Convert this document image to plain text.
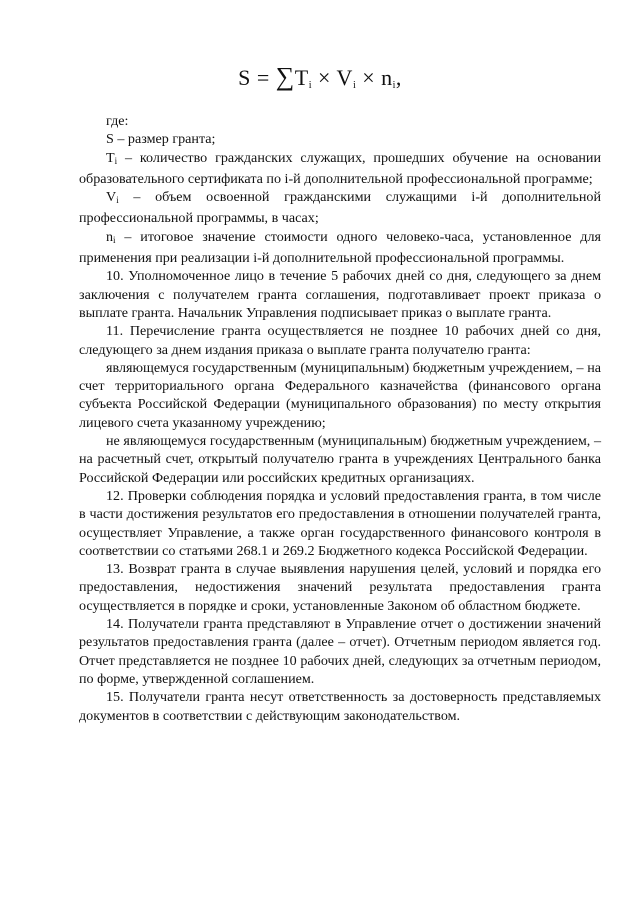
$S = \sum T_i \times V_i \times n_i$,

где:

S – размер гранта;

$T_i$ – количество гражданских служащих, прошедших обучение на основании образовательного сертификата по i-й дополнительной профессиональной программе;

$V_i$ – объем освоенной гражданскими служащими i-й дополнительной профессиональной программы, в часах;

$n_i$ – итоговое значение стоимости одного человеко-часа, установленное для применения при реализации i-й дополнительной профессиональной программы.

10. Уполномоченное лицо в течение 5 рабочих дней со дня, следующего за днем заключения с получателем гранта соглашения, подготавливает проект приказа о выплате гранта. Начальник Управления подписывает приказ о выплате гранта.

11. Перечисление гранта осуществляется не позднее 10 рабочих дней со дня, следующего за днем издания приказа о выплате гранта получателю гранта:

являющемуся государственным (муниципальным) бюджетным учреждением, – на счет территориального органа Федерального казначейства (финансового органа субъекта Российской Федерации (муниципального образования) по месту открытия лицевого счета указанному учреждению;

не являющемуся государственным (муниципальным) бюджетным учреждением, – на расчетный счет, открытый получателю гранта в учреждениях Центрального банка Российской Федерации или российских кредитных организациях.

12. Проверки соблюдения порядка и условий предоставления гранта, в том числе в части достижения результатов его предоставления в отношении получателей гранта, осуществляет Управление, а также орган государственного финансового контроля в соответствии со статьями 268.1 и 269.2 Бюджетного кодекса Российской Федерации.

13. Возврат гранта в случае выявления нарушения целей, условий и порядка его предоставления, недостижения значений результата предоставления гранта осуществляется в порядке и сроки, установленные Законом об областном бюджете.

14. Получатели гранта представляют в Управление отчет о достижении значений результатов предоставления гранта (далее – отчет). Отчетным периодом является год. Отчет представляется не позднее 10 рабочих дней, следующих за отчетным периодом, по форме, утвержденной соглашением.

15. Получатели гранта несут ответственность за достоверность представляемых документов в соответствии с действующим законодательством.
